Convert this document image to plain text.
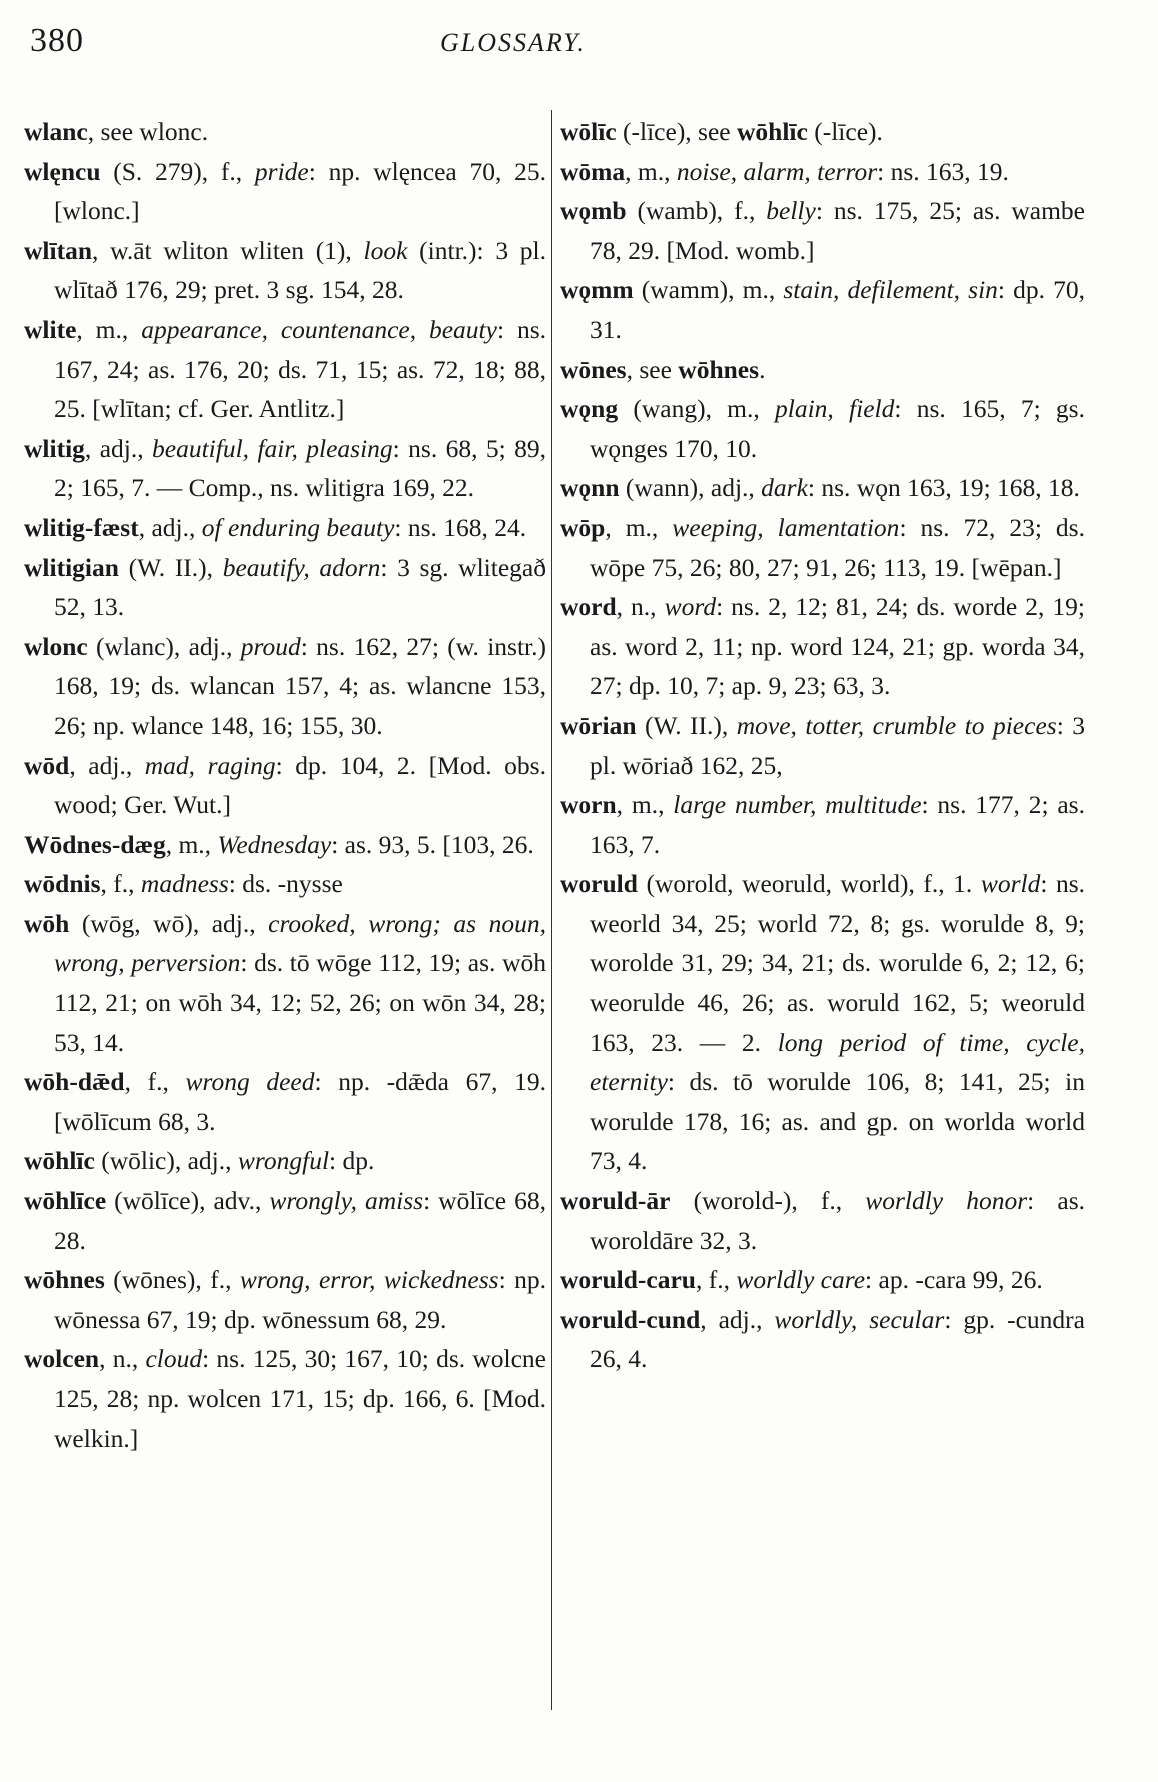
380	GLOSSARY.

wlanc, see wlonc.

wlęncu (S. 279), f., pride: np. wlęncea 70, 25. [wlonc.]

wlītan, w.āt wliton wliten (1), look (intr.): 3 pl. wlītað 176, 29; pret. 3 sg. 154, 28.

wlite, m., appearance, countenance, beauty: ns. 167, 24; as. 176, 20; ds. 71, 15; as. 72, 18; 88, 25. [wlītan; cf. Ger. Antlitz.]

wlitig, adj., beautiful, fair, pleasing: ns. 68, 5; 89, 2; 165, 7. — Comp., ns. wlitigra 169, 22.

wlitig-fæst, adj., of enduring beauty: ns. 168, 24.

wlitigian (W. II.), beautify, adorn: 3 sg. wlitegað 52, 13.

wlonc (wlanc), adj., proud: ns. 162, 27; (w. instr.) 168, 19; ds. wlancan 157, 4; as. wlancne 153, 26; np. wlance 148, 16; 155, 30.

wōd, adj., mad, raging: dp. 104, 2. [Mod. obs. wood; Ger. Wut.]

Wōdnes-dæg, m., Wednesday: as. 93, 5. [103, 26.

wōdnis, f., madness: ds. -nysse

wōh (wōg, wō), adj., crooked, wrong; as noun, wrong, perversion: ds. tō wōge 112, 19; as. wōh 112, 21; on wōh 34, 12; 52, 26; on wōn 34, 28; 53, 14.

wōh-dǣd, f., wrong deed: np. -dǣda 67, 19. [wōlīcum 68, 3.

wōhlīc (wōlic), adj., wrongful: dp.

wōhlīce (wōlīce), adv., wrongly, amiss: wōlīce 68, 28.

wōhnes (wōnes), f., wrong, error, wickedness: np. wōnessa 67, 19; dp. wōnessum 68, 29.

wolcen, n., cloud: ns. 125, 30; 167, 10; ds. wolcne 125, 28; np. wolcen 171, 15; dp. 166, 6. [Mod. welkin.]

wōlīc (-līce), see wōhlīc (-līce).

wōma, m., noise, alarm, terror: ns. 163, 19.

wǫmb (wamb), f., belly: ns. 175, 25; as. wambe 78, 29. [Mod. womb.]

wǫmm (wamm), m., stain, defilement, sin: dp. 70, 31.

wōnes, see wōhnes.

wǫng (wang), m., plain, field: ns. 165, 7; gs. wǫnges 170, 10.

wǫnn (wann), adj., dark: ns. wǫn 163, 19; 168, 18.

wōp, m., weeping, lamentation: ns. 72, 23; ds. wōpe 75, 26; 80, 27; 91, 26; 113, 19. [wēpan.]

word, n., word: ns. 2, 12; 81, 24; ds. worde 2, 19; as. word 2, 11; np. word 124, 21; gp. worda 34, 27; dp. 10, 7; ap. 9, 23; 63, 3.

wōrian (W. II.), move, totter, crumble to pieces: 3 pl. wōriað 162, 25,

worn, m., large number, multitude: ns. 177, 2; as. 163, 7.

woruld (worold, weoruld, world), f., 1. world: ns. weorld 34, 25; world 72, 8; gs. worulde 8, 9; worolde 31, 29; 34, 21; ds. worulde 6, 2; 12, 6; weorulde 46, 26; as. woruld 162, 5; weoruld 163, 23. — 2. long period of time, cycle, eternity: ds. tō worulde 106, 8; 141, 25; in worulde 178, 16; as. and gp. on worlda world 73, 4.

woruld-ār (worold-), f., worldly honor: as. woroldāre 32, 3.

woruld-caru, f., worldly care: ap. -cara 99, 26.

woruld-cund, adj., worldly, secular: gp. -cundra 26, 4.
